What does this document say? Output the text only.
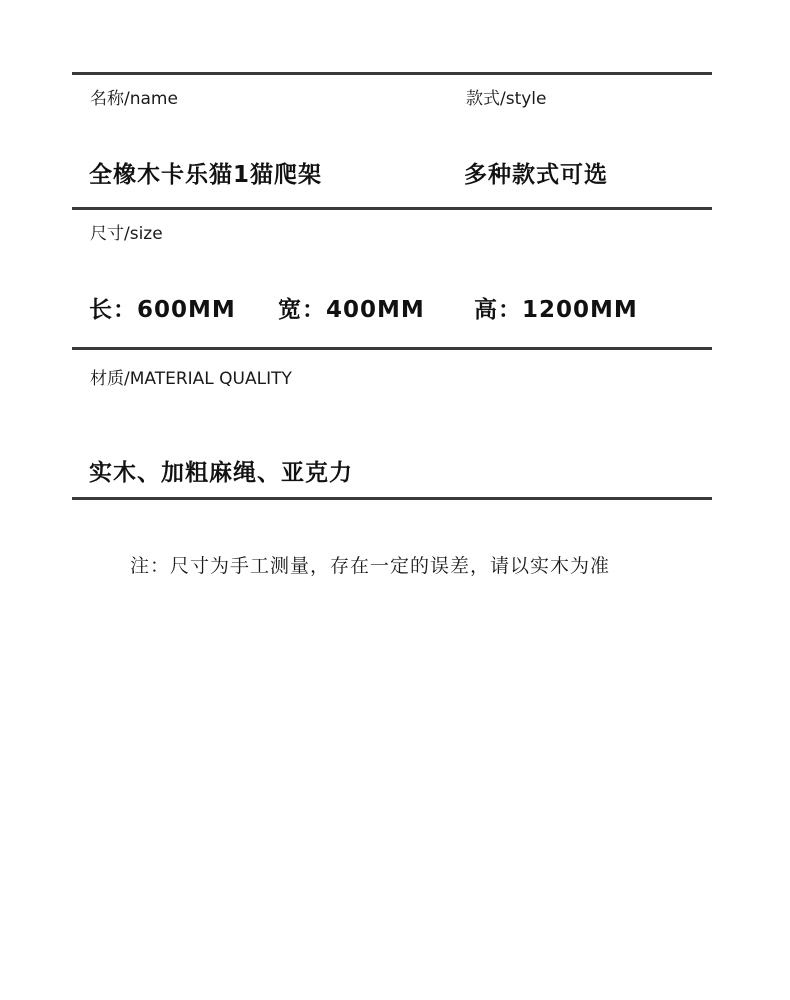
名称/name	款式/style
全橡木卡乐猫1猫爬架	多种款式可选
尺寸/size
长：600MM 宽：400MM 高：1200MM
材质/MATERIAL QUALITY
实木、加粗麻绳、亚克力
注：尺寸为手工测量，存在一定的误差，请以实木为准
